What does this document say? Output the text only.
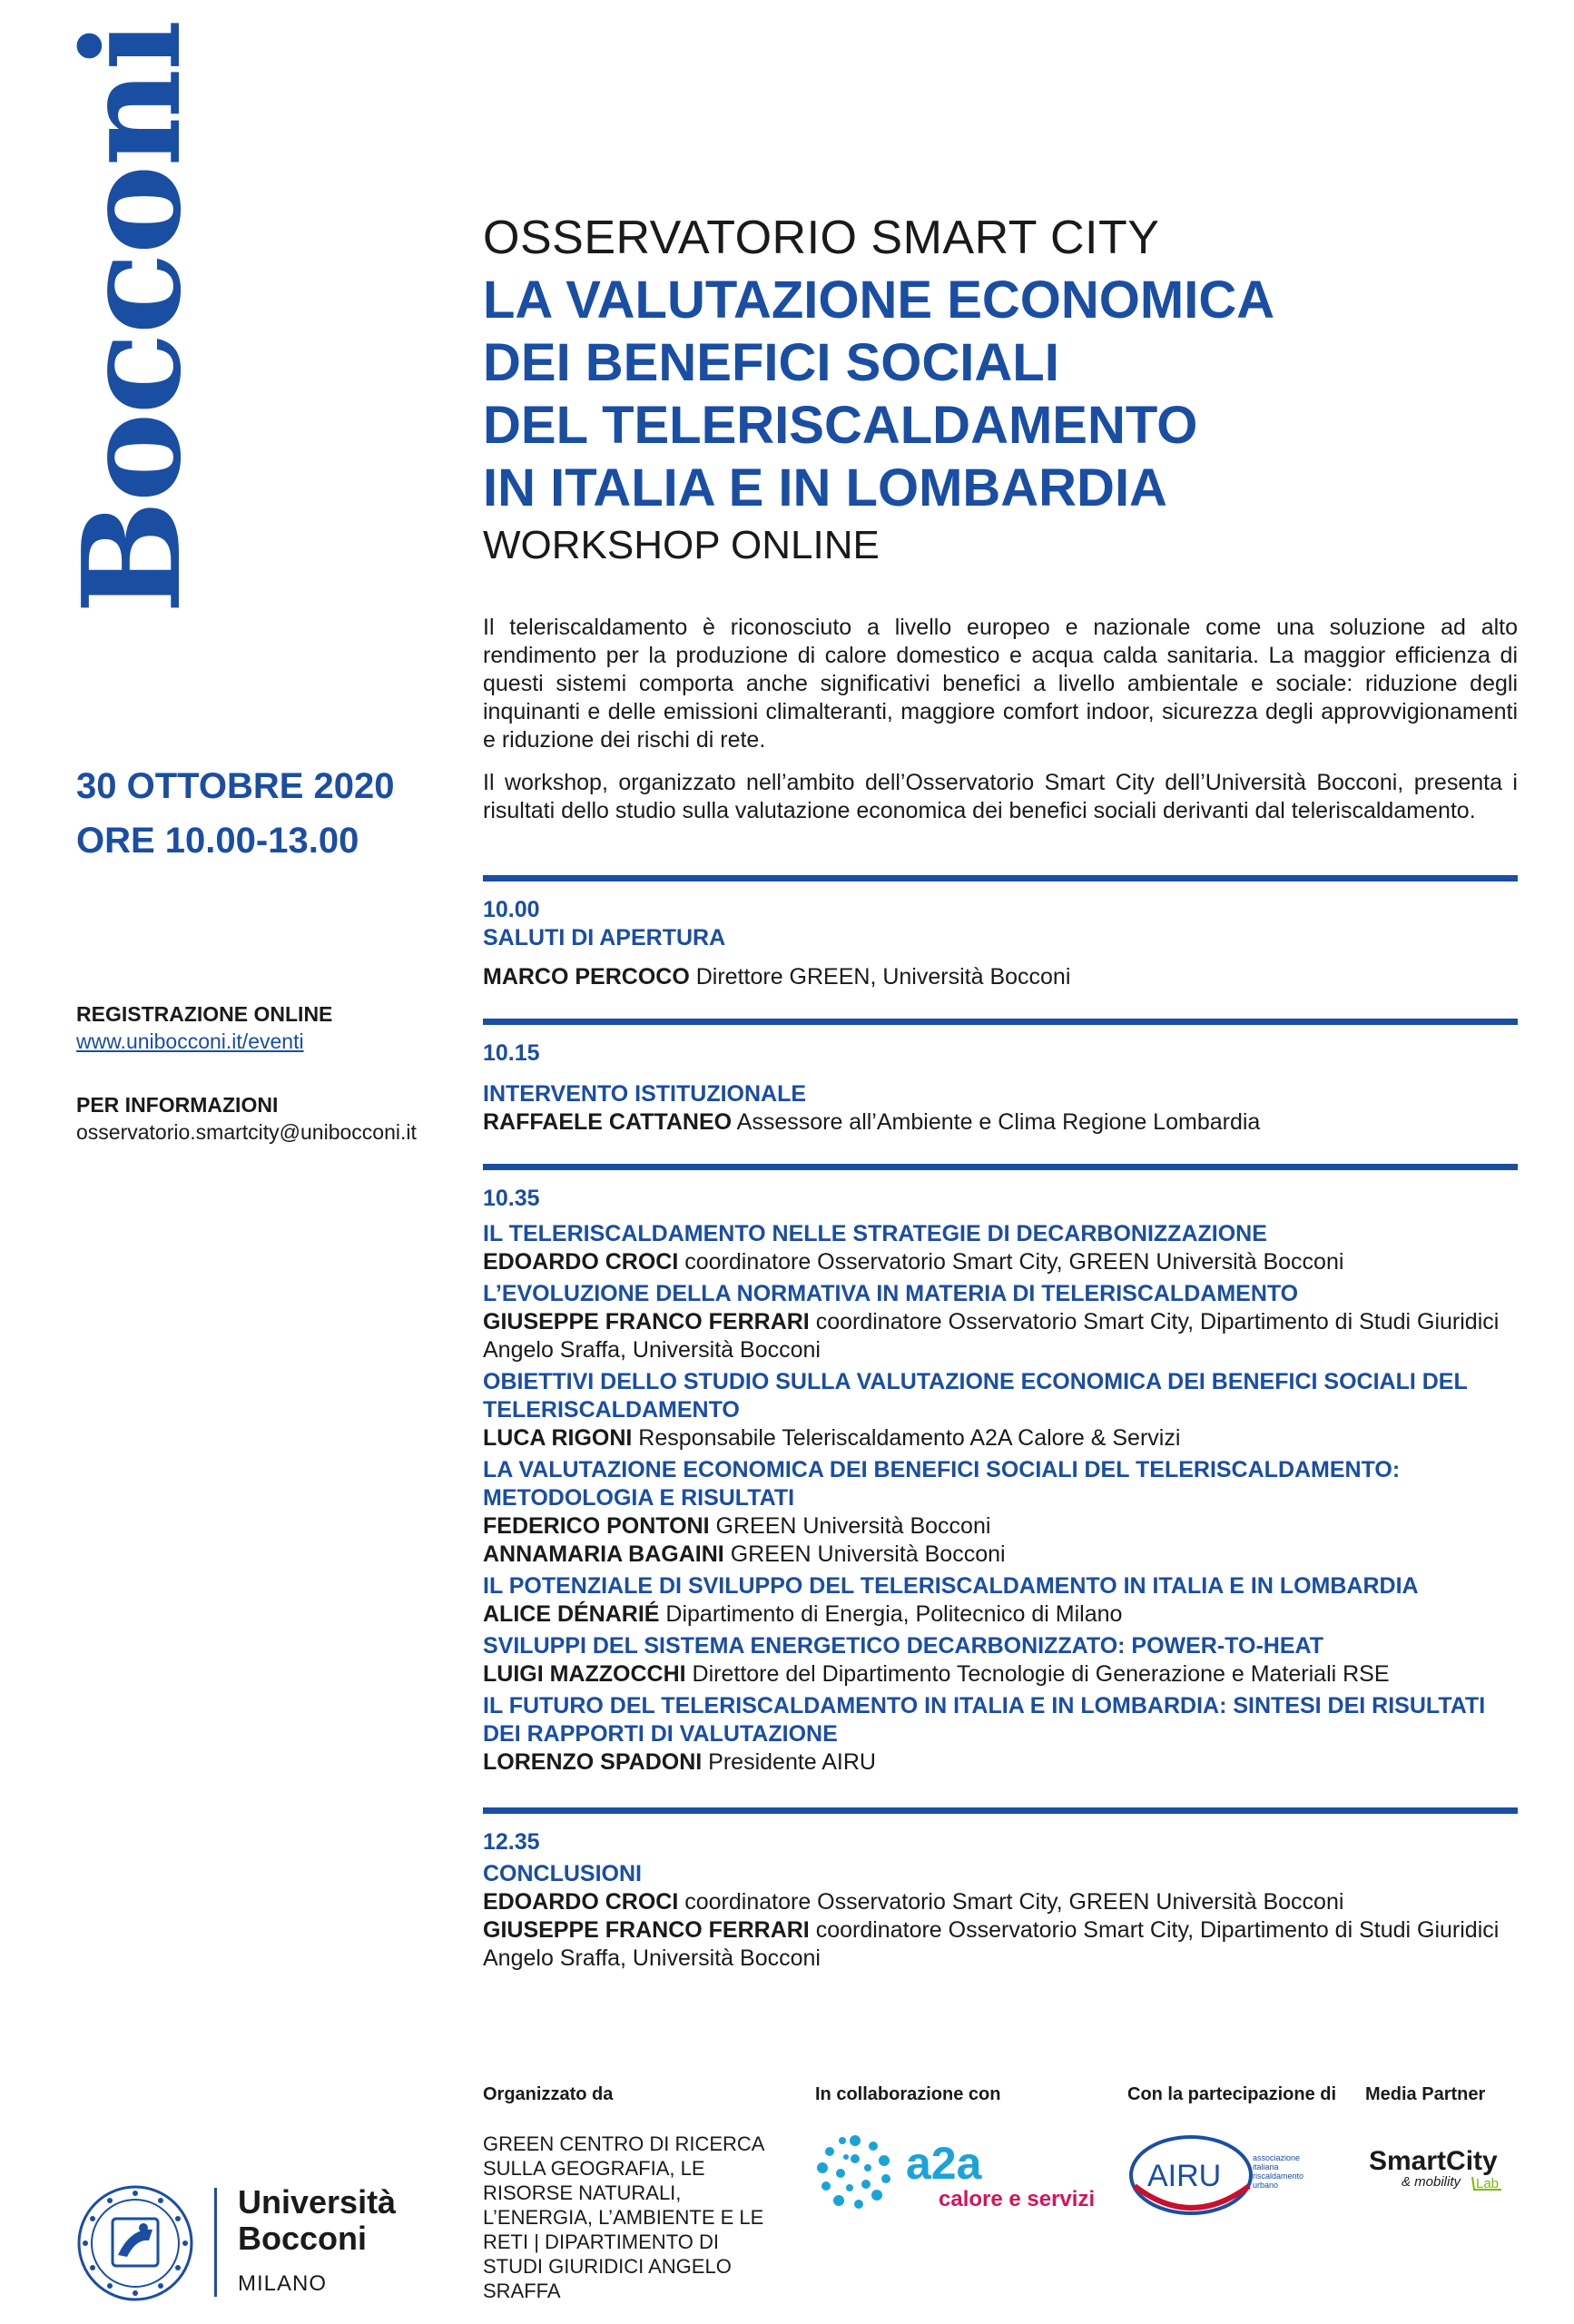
Bocconi	OSSERVATORIO SMART CITY
LA VALUTAZIONE ECONOMICA
DEI BENEFICI SOCIALI
DEL TELERISCALDAMENTO
IN ITALIA E IN LOMBARDIA
WORKSHOP ONLINE

Il teleriscaldamento è riconosciuto a livello europeo e nazionale come una soluzione ad alto rendimento per la produzione di calore domestico e acqua calda sanitaria. La maggior efficienza di questi sistemi comporta anche significativi benefici a livello ambientale e sociale: riduzione degli inquinanti e delle emissioni climalteranti, maggiore comfort indoor, sicurezza degli approvvigionamenti e riduzione dei rischi di rete.

Il workshop, organizzato nell’ambito dell’Osservatorio Smart City dell’Università Bocconi, presenta i risultati dello studio sulla valutazione economica dei benefici sociali derivanti dal teleriscaldamento.

30 OTTOBRE 2020
ORE 10.00-13.00
REGISTRAZIONE ONLINE
www.unibocconi.it/eventi
PER INFORMAZIONI
osservatorio.smartcity@unibocconi.it
10.00
SALUTI DI APERTURA
MARCO PERCOCO Direttore GREEN, Università Bocconi
10.15
INTERVENTO ISTITUZIONALE
RAFFAELE CATTANEO Assessore all’Ambiente e Clima Regione Lombardia
10.35
IL TELERISCALDAMENTO NELLE STRATEGIE DI DECARBONIZZAZIONE
EDOARDO CROCI coordinatore Osservatorio Smart City, GREEN Università Bocconi
L’EVOLUZIONE DELLA NORMATIVA IN MATERIA DI TELERISCALDAMENTO
GIUSEPPE FRANCO FERRARI coordinatore Osservatorio Smart City, Dipartimento di Studi Giuridici Angelo Sraffa, Università Bocconi
OBIETTIVI DELLO STUDIO SULLA VALUTAZIONE ECONOMICA DEI BENEFICI SOCIALI DEL TELERISCALDAMENTO
LUCA RIGONI Responsabile Teleriscaldamento A2A Calore & Servizi
LA VALUTAZIONE ECONOMICA DEI BENEFICI SOCIALI DEL TELERISCALDAMENTO: METODOLOGIA E RISULTATI
FEDERICO PONTONI GREEN Università Bocconi
ANNAMARIA BAGAINI GREEN Università Bocconi
IL POTENZIALE DI SVILUPPO DEL TELERISCALDAMENTO IN ITALIA E IN LOMBARDIA
ALICE DÉNARIÉ Dipartimento di Energia, Politecnico di Milano
SVILUPPI DEL SISTEMA ENERGETICO DECARBONIZZATO: POWER-TO-HEAT
LUIGI MAZZOCCHI Direttore del Dipartimento Tecnologie di Generazione e Materiali RSE
IL FUTURO DEL TELERISCALDAMENTO IN ITALIA E IN LOMBARDIA: SINTESI DEI RISULTATI DEI RAPPORTI DI VALUTAZIONE
LORENZO SPADONI Presidente AIRU
12.35
CONCLUSIONI
EDOARDO CROCI coordinatore Osservatorio Smart City, GREEN Università Bocconi
GIUSEPPE FRANCO FERRARI coordinatore Osservatorio Smart City, Dipartimento di Studi Giuridici Angelo Sraffa, Università Bocconi
Organizzato da	In collaborazione con	Con la partecipazione di Media Partner
GREEN CENTRO DI RICERCA SULLA GEOGRAFIA, LE RISORSE NATURALI, L’ENERGIA, L’AMBIENTE E LE RETI | DIPARTIMENTO DI STUDI GIURIDICI ANGELO SRAFFA
a2a
calore e servizi
AIRU
associazione italiana riscaldamento urbano
SmartCity
& mobility Lab
Università
Bocconi
MILANO
